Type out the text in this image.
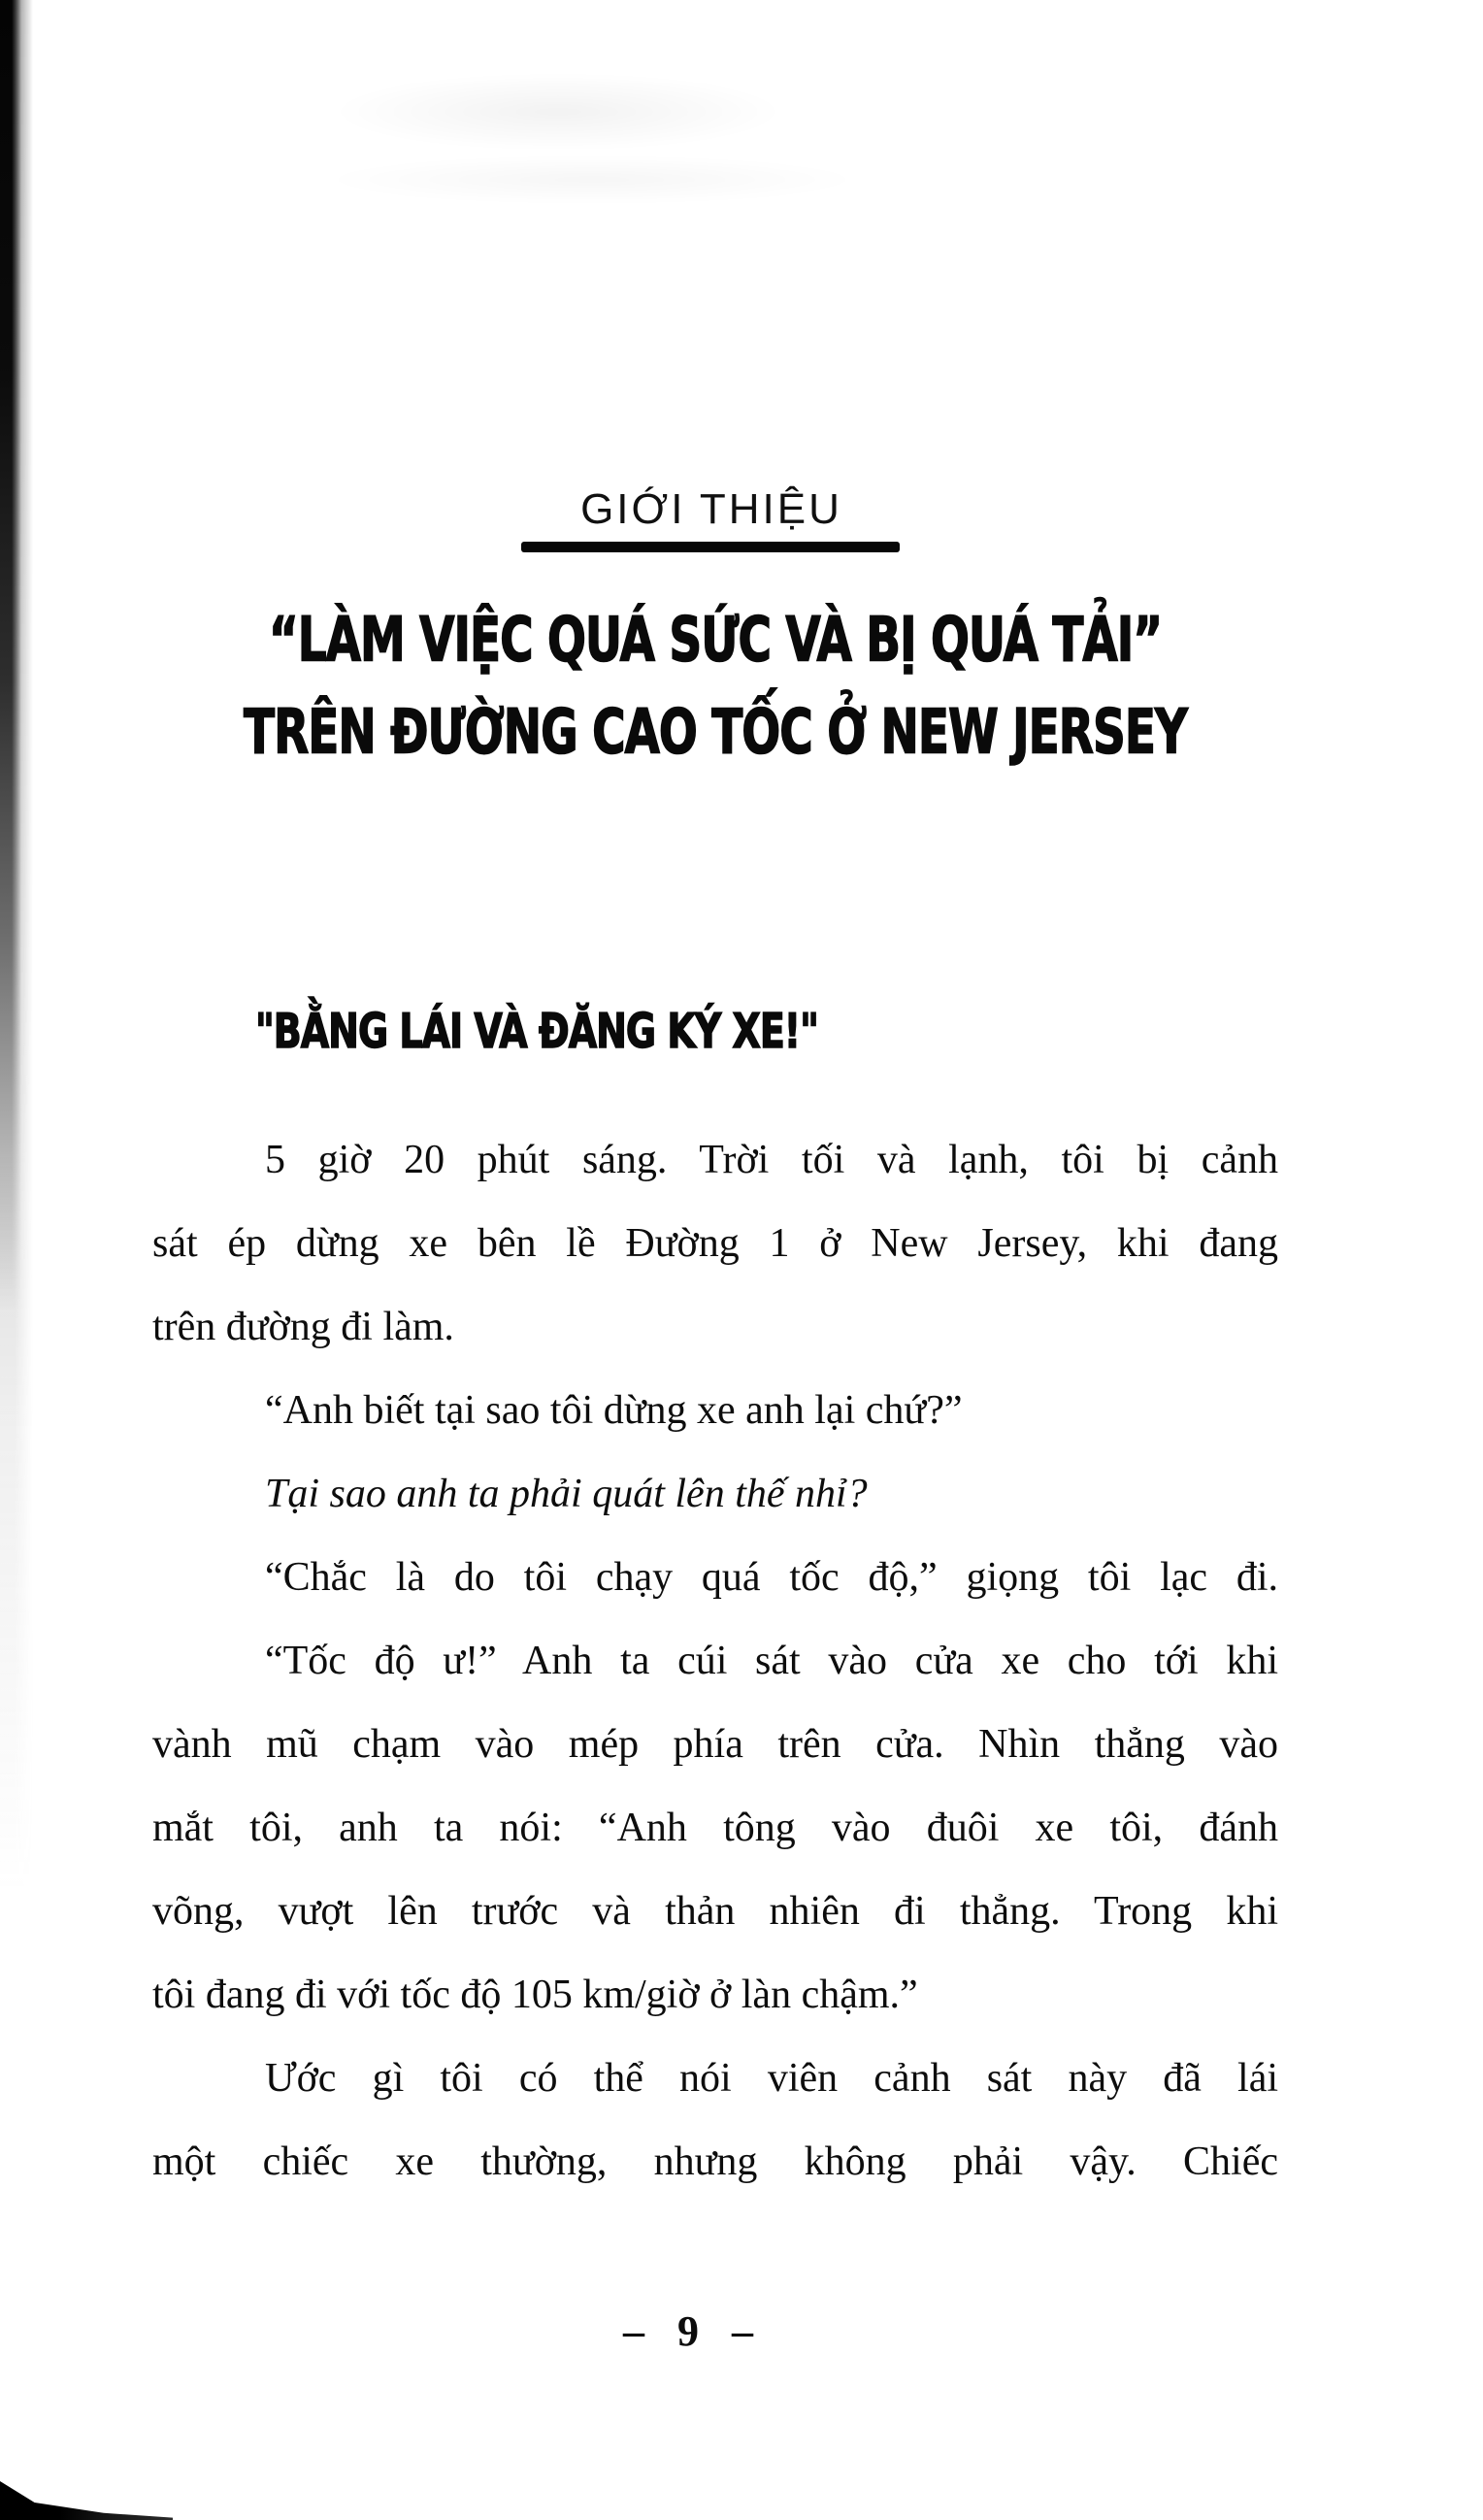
GIỚI THIỆU
“LÀM VIỆC QUÁ SỨC VÀ BỊ QUÁ TẢI”
TRÊN ĐƯỜNG CAO TỐC Ở NEW JERSEY
"BẰNG LÁI VÀ ĐĂNG KÝ XE!"
5 giờ 20 phút sáng. Trời tối và lạnh, tôi bị cảnh
sát ép dừng xe bên lề Đường 1 ở New Jersey, khi đang
trên đường đi làm.
“Anh biết tại sao tôi dừng xe anh lại chứ?”
Tại sao anh ta phải quát lên thế nhỉ?
“Chắc là do tôi chạy quá tốc độ,” giọng tôi lạc đi.
“Tốc độ ư!” Anh ta cúi sát vào cửa xe cho tới khi
vành mũ chạm vào mép phía trên cửa. Nhìn thẳng vào
mắt tôi, anh ta nói: “Anh tông vào đuôi xe tôi, đánh
võng, vượt lên trước và thản nhiên đi thẳng. Trong khi
tôi đang đi với tốc độ 105 km/giờ ở làn chậm.”
Ước gì tôi có thể nói viên cảnh sát này đã lái
một chiếc xe thường, nhưng không phải vậy. Chiếc
– 9 –
